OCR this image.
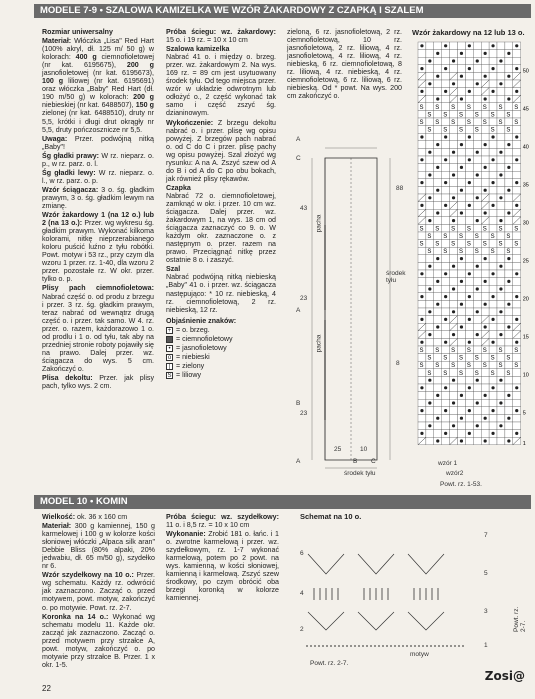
MODELE 7-9 • SZALOWA KAMIZELKA WE WZÓR ŻAKARDOWY Z CZAPKĄ I SZALEM

Rozmiar uniwersalny

Materiał: Włóczka „Lisa" Red Hart (100% akryl, dł. 125 m/ 50 g) w kolorach: 400 g ciemnofioletowej (nr kat. 6195675), 200 g jasnofioletowej (nr kat. 6195673), 100 g liliowej (nr kat. 6195691) oraz włóczka „Baby" Red Hart (dł. 190 m/50 g) w kolorach: 200 g niebieskiej (nr kat. 6488507), 150 g zielonej (nr kat. 6488510), druty nr 5,5, krótki i długi drut okrągły nr 5,5, druty pończosznicze nr 5,5.

Uwaga: Przer. podwójną nitką „Baby"!

Śg gładki prawy: W rz. nieparz. o. p., w rz. parz. o. l.

Śg gładki lewy: W rz. nieparz. o. l., w rz. parz. o. p.

Wzór ściągacza: 3 o. śg. gładkim prawym, 3 o. śg. gładkim lewym na zmianę.

Wzór żakardowy 1 (na 12 o.) lub 2 (na 13 o.): Przer. wg wykresu śg. gładkim prawym. Wykonać kilkoma kolorami, nitkę nieprzerabianego koloru puścić luźno z tyłu robótki. Powt. motyw i 53 rz., przy czym dla wzoru 1 przer. rz. 1-40, dla wzoru 2 przer. pozostałe rz. W okr. przer. tylko o. p.

Plisy pach ciemnofioletowa: Nabrać część o. od produ z brzegu i przer. 3 rz. śg. gładkim prawym, teraz nabrać od wewnątrz drugą część o. i przer. tak samo. W 4. rz. przer. o. razem, każdorazowo 1 o. od prodlu i 1 o. od tyłu, tak aby na przedniej stronie roboty pojawiły się na prawo. Dalej przer. wz. ściągacza do wys. 5 cm. Zakończyć o.

Plisa dekoltu: Przer. jak plisy pach, tylko wys. 2 cm.

Próba ściegu: wz. żakardowy: 15 o. i 19 rz. = 10 x 10 cm

Szalowa kamizelka
Nabrać 41 o. i między o. brzeg. przer. wz. żakardowym 2. Na wys. 169 rz. = 89 cm jest usytuowany środek tyłu. Od tego miejsca przer. wzór w układzie odwrotnym lub odłożyć o., 2 część wykonać tak samo i część zszyć śg. dzianinowym.

Wykończenie: Z brzegu dekoltu nabrać o. i przer. plisę wg opisu powyżej. Z brzegów pach nabrać o. od C do C i przer. plisę pachy wg opisu powyżej. Szal złożyć wg rysunku: A na A. Zszyć szew od A do B i od A do C po obu bokach, jak również plisy rękawów.

Czapka
Nabrać 72 o. ciemnofioletowej, zamknąć w okr. i przer. 10 cm wz. ściągacza. Dalej przer. wz. żakardowym 1, na wys. 18 cm od ściągacza zaznaczyć co 9. o. W każdym okr. zaznaczone o. z następnym o. przer. razem na prawo. Przeciągnąć nitkę przez ostatnie 8 o. i zaszyć.

Szal
Nabrać podwójną nitką niebieską „Baby" 41 o. i przer. wz. ściągacza następująco: * 10 rz. niebieską, 4 rz. ciemnofioletową, 2 rz. niebieską, 12 rz.

Objaśnienie znaków:

+ = o. brzeg.
= ciemnofioletowy
• = jasnofioletowy
o = niebieski
| = zielony
S = liliowy

zieloną, 6 rz. jasnofioletową, 2 rz. ciemnofioletową, 10 rz. jasnofioletową, 2 rz. liliową, 4 rz. jasnofioletową, 4 rz. liliową, 4 rz. niebieską, 6 rz. ciemnofioletową, 8 rz. liliową, 4 rz. niebieską, 4 rz. ciemnofioletową, 6 rz. liliową, 6 rz. niebieską. Od * powt. Na wys. 200 cm zakończyć o.

A
A
A	B C
C
B
środek tyłu
pacha
pacha
43
88
23
23
25	10
8
Wzór żakardowy na 12 lub 13 o.
S S S S S S S
S S S S S S
S S S S S S S
S S S S S S
S S S S S S S
S S S S S S
S S S S S S S
S S S S S S
S S S S S S S
S S S S S S
S S S S S S S
S S S S S S
50
45
40
35
30
25
20
15
10
5
1
środek
tyłu
wzór 1
wzór2
Powt. rz. 1-53.
MODEL 10 • KOMIN

Wielkość: ok. 36 x 160 cm

Materiał: 300 g kamiennej, 150 g karmelowej i 100 g w kolorze kości słoniowej włóczki „Alpaca silk aran" Debbie Bliss (80% alpaki, 20% jedwabiu, dł. 65 m/50 g), szydełko nr 6.

Wzór szydełkowy na 10 o.: Przer. wg schematu. Każdy rz. odwrócić jak zaznaczono. Zacząć o. przed motywem, powt. motyw, zakończyć o. po motywie. Powt. rz. 2-7.

Koronka na 14 o.: Wykonać wg schematu modelu 11. Każde okr. zacząć jak zaznaczono. Zacząć o. przed motywem przy strzałce A, powt. motyw, zakończyć o. po motywie przy strzałce B. Przer. 1 x okr. 1-5.

Próba ściegu: wz. szydełkowy: 11 o. i 8,5 rz. = 10 x 10 cm

Wykonanie: Zrobić 181 o. łańc. i 1 o. zwrotne karmelową i przer. wz. szydełkowym, rz. 1-7 wykonać karmelową, potem po 2 powt. na wys. kamienną, w kości słoniowej, kamienną i karmelową. Zszyć szew środkowy, po czym obrócić oba brzegi koronką w kolorze kamiennej.

Schemat na 10 o.
7
6
5
4
3
2
1
motyw
Powt. rz. 2-7.
Powt. rz. 2-7.
22
Zosi@
